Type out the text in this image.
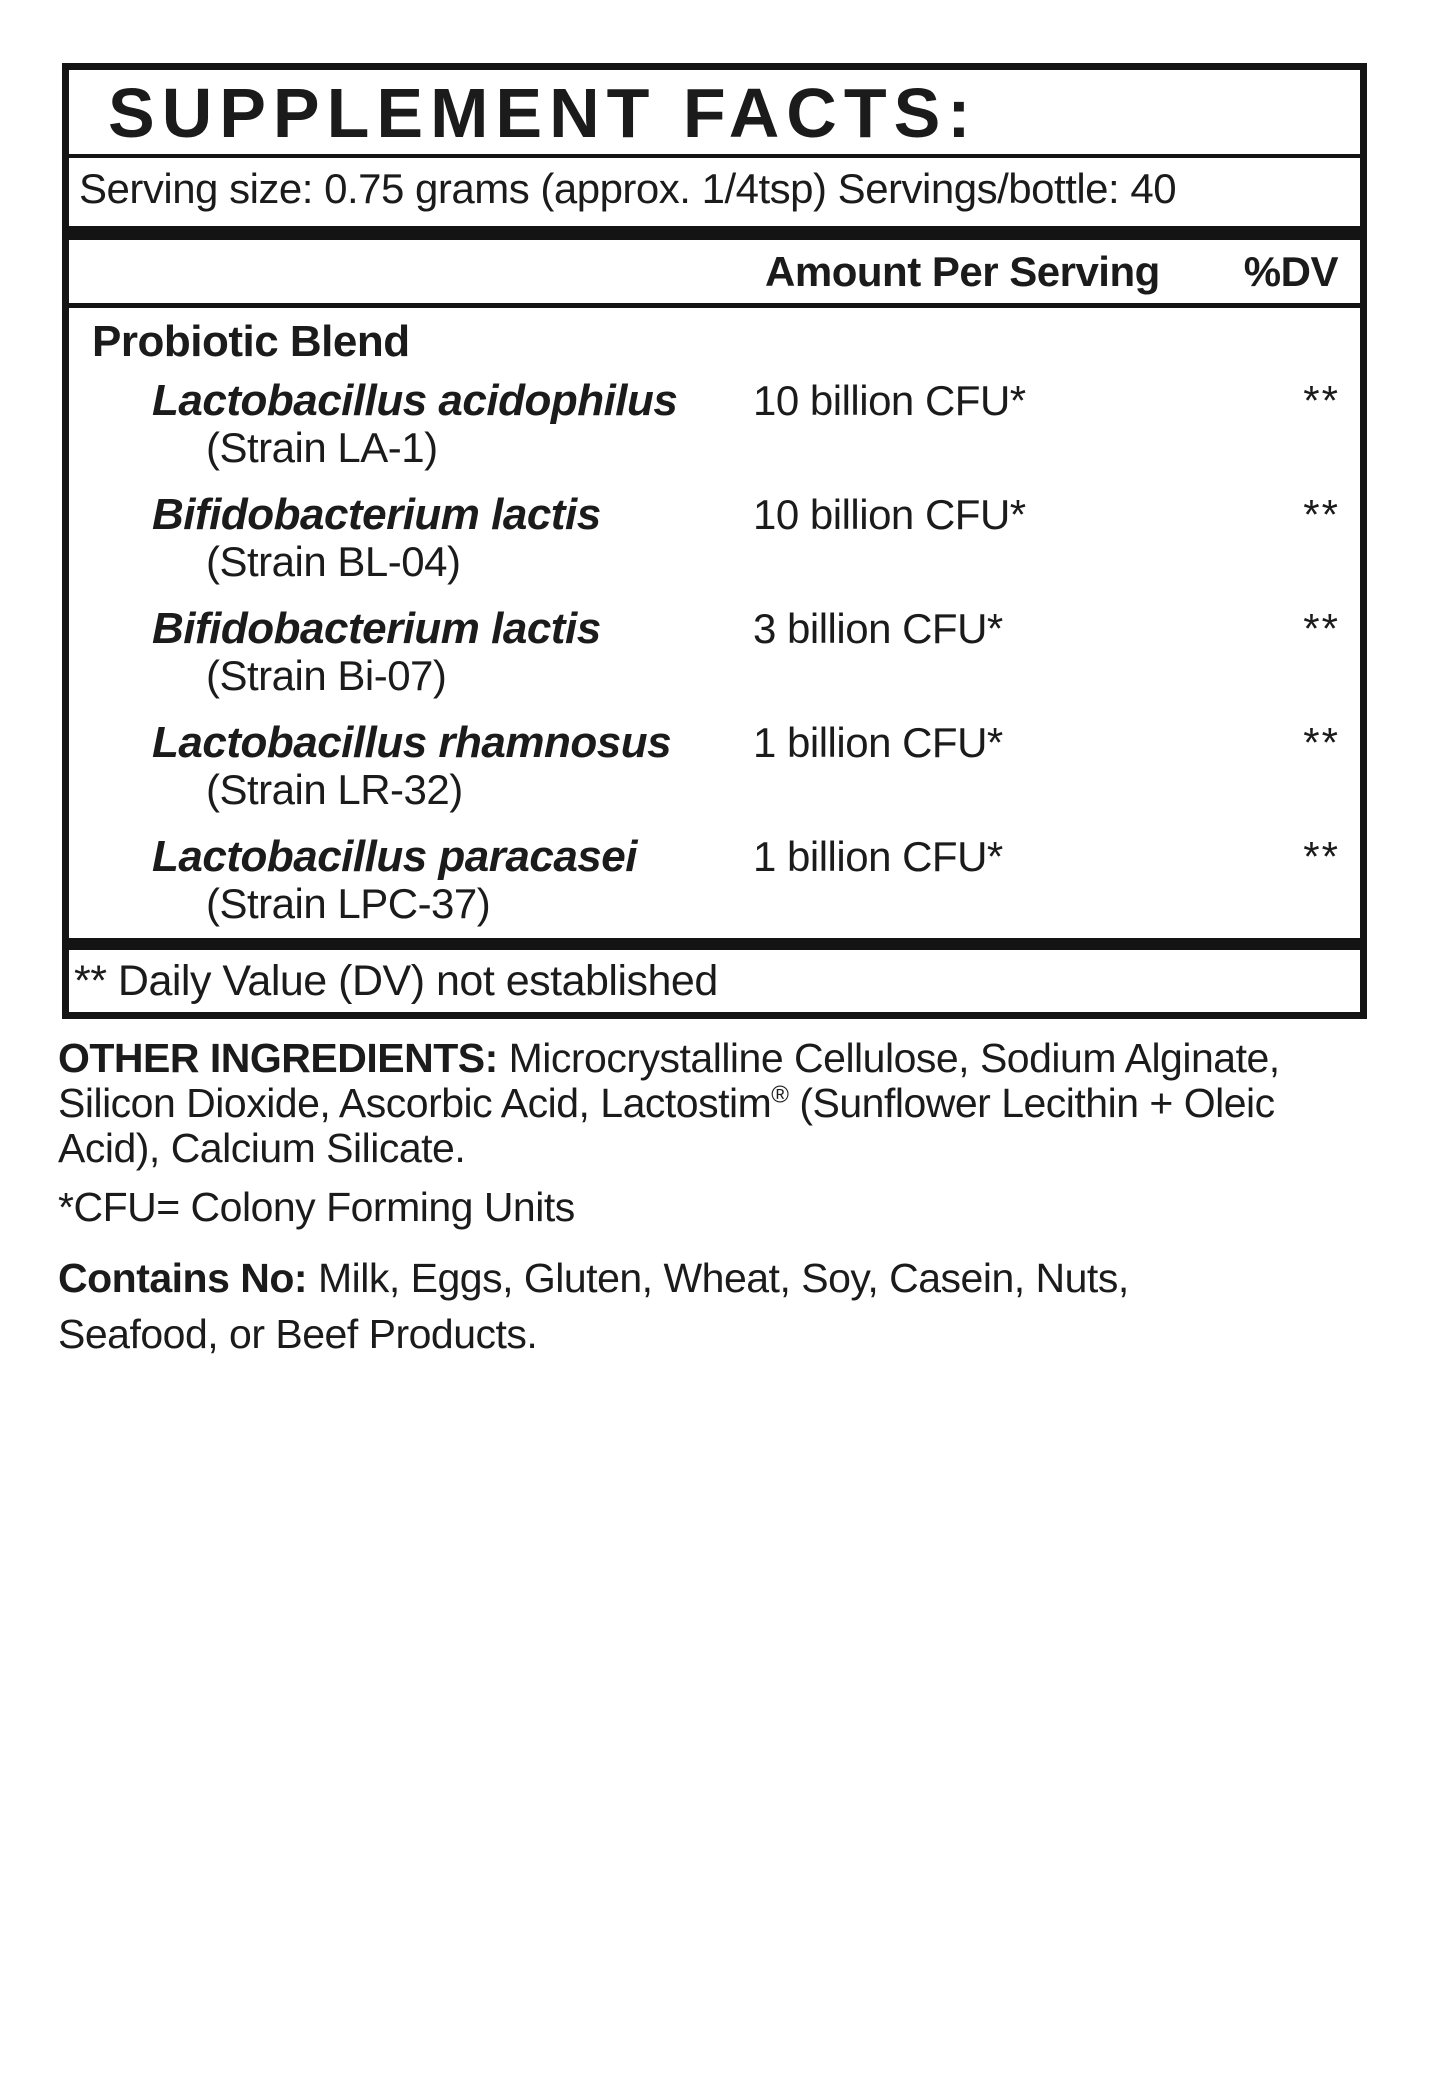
SUPPLEMENT FACTS:
Serving size: 0.75 grams (approx. 1/4tsp) Servings/bottle: 40
Amount Per Serving %DV
Probiotic Blend
Lactobacillus acidophilus	10 billion CFU*	**
(Strain LA-1)
Bifidobacterium lactis	10 billion CFU*	**
(Strain BL-04)
Bifidobacterium lactis	3 billion CFU*	**
(Strain Bi-07)
Lactobacillus rhamnosus	1 billion CFU*	**
(Strain LR-32)
Lactobacillus paracasei	1 billion CFU*	**
(Strain LPC-37)
** Daily Value (DV) not established
OTHER INGREDIENTS: Microcrystalline Cellulose, Sodium Alginate,
Silicon Dioxide, Ascorbic Acid, Lactostim® (Sunflower Lecithin + Oleic
Acid), Calcium Silicate.
*CFU= Colony Forming Units
Contains No: Milk, Eggs, Gluten, Wheat, Soy, Casein, Nuts,
Seafood, or Beef Products.
